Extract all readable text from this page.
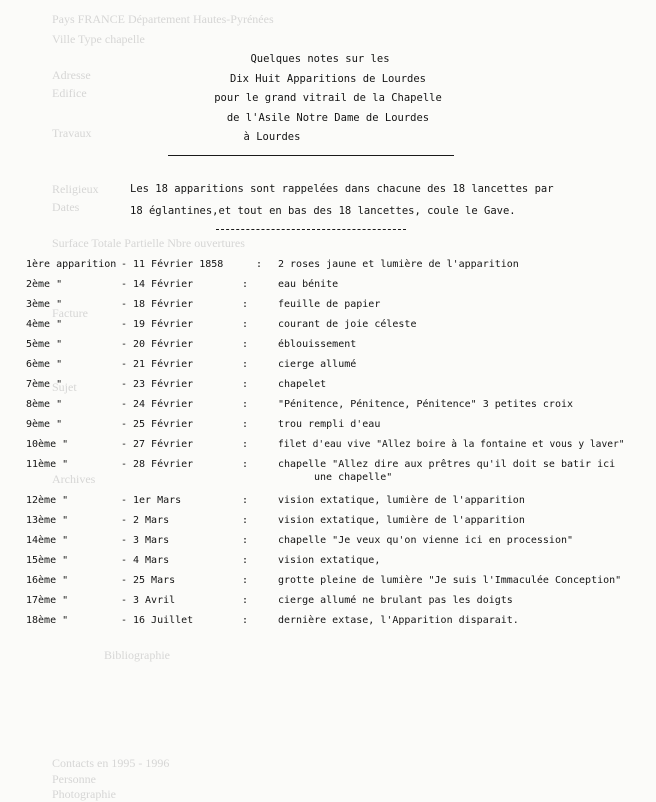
Pays FRANCE Département Hautes-Pyrénées
Ville Type chapelle
Adresse
Edifice
Travaux
Religieux
Dates
Surface Totale Partielle Nbre ouvertures
Facture
Sujet
Archives
Bibliographie
Contacts en 1995 - 1996
Personne
Photographie
Quelques notes sur les
Dix Huit Apparitions de Lourdes
pour le grand vitrail de la Chapelle
de l'Asile Notre Dame de Lourdes
à Lourdes
Les 18 apparitions sont rappelées dans chacune des 18 lancettes par
18 églantines,et tout en bas des 18 lancettes, coule le Gave.
1ère apparition - 11 Février 1858	: 2 roses jaune et lumière de l'apparition
2ème "	- 14 Février	:	eau bénite
3ème "	- 18 Février	:	feuille de papier
4ème "	- 19 Février	:	courant de joie céleste
5ème "	- 20 Février	:	éblouissement
6ème "	- 21 Février	:	cierge allumé
7ème "	- 23 Février	:	chapelet
8ème "	- 24 Février	:	"Pénitence, Pénitence, Pénitence" 3 petites croix
9ème "	- 25 Février	:	trou rempli d'eau
10ème "	- 27 Février	:	filet d'eau vive "Allez boire à la fontaine et vous y laver"
11ème "	- 28 Février	:	chapelle "Allez dire aux prêtres qu'il doit se batir ici
une chapelle"
12ème "	- 1er Mars	:	vision extatique, lumière de l'apparition
13ème "	- 2 Mars	:	vision extatique, lumière de l'apparition
14ème "	- 3 Mars	:	chapelle "Je veux qu'on vienne ici en procession"
15ème "	- 4 Mars	:	vision extatique,
16ème "	- 25 Mars	:	grotte pleine de lumière "Je suis l'Immaculée Conception"
17ème "	- 3 Avril	:	cierge allumé ne brulant pas les doigts
18ème "	- 16 Juillet	:	dernière extase, l'Apparition disparait.
